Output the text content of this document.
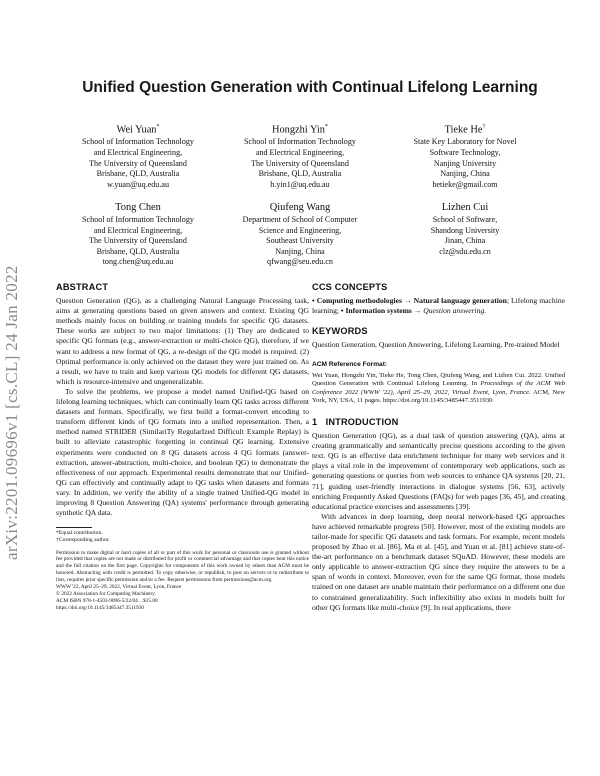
arXiv:2201.09696v1 [cs.CL] 24 Jan 2022
Unified Question Generation with Continual Lifelong Learning
Wei Yuan*
School of Information Technology
and Electrical Engineering,
The University of Queensland
Brisbane, QLD, Australia
w.yuan@uq.edu.au
Hongzhi Yin*
School of Information Technology
and Electrical Engineering,
The University of Queensland
Brisbane, QLD, Australia
h.yin1@uq.edu.au
Tieke He†
State Key Laboratory for Novel
Software Technology,
Nanjing University
Nanjing, China
hetieke@gmail.com
Tong Chen
School of Information Technology
and Electrical Engineering,
The University of Queensland
Brisbane, QLD, Australia
tong.chen@uq.edu.au
Qiufeng Wang
Department of School of Computer
Science and Engineering,
Southeast University
Nanjing, China
qfwang@seu.edu.cn
Lizhen Cui
School of Software,
Shandong University
Jinan, China
clz@sdu.edu.cn
ABSTRACT

Question Generation (QG), as a challenging Natural Language Processing task, aims at generating questions based on given answers and context. Existing QG methods mainly focus on building or training models for specific QG datasets. These works are subject to two major limitations: (1) They are dedicated to specific QG formats (e.g., answer-extraction or multi-choice QG), therefore, if we want to address a new format of QG, a re-design of the QG model is required. (2) Optimal performance is only achieved on the dataset they were just trained on. As a result, we have to train and keep various QG models for different QG datasets, which is resource-intensive and ungeneralizable.

To solve the problems, we propose a model named Unified-QG based on lifelong learning techniques, which can continually learn QG tasks across different datasets and formats. Specifically, we first build a format-convert encoding to transform different kinds of QG formats into a unified representation. Then, a method named STRIDER (SimilariTy RegularIzed Difficult Example Replay) is built to alleviate catastrophic forgetting in continual QG learning. Extensive experiments were conducted on 8 QG datasets across 4 QG formats (answer-extraction, answer-abstraction, multi-choice, and boolean QG) to demonstrate the effectiveness of our approach. Experimental results demonstrate that our Unified-QG can effectively and continually adapt to QG tasks when datasets and formats vary. In addition, we verify the ability of a single trained Unified-QG model in improving 8 Question Answering (QA) systems' performance through generating synthetic QA data.

*Equal contribution.

†Corresponding author.

Permission to make digital or hard copies of all or part of this work for personal or classroom use is granted without fee provided that copies are not made or distributed for profit or commercial advantage and that copies bear this notice and the full citation on the first page. Copyrights for components of this work owned by others than ACM must be honored. Abstracting with credit is permitted. To copy otherwise, or republish, to post on servers or to redistribute to lists, requires prior specific permission and/or a fee. Request permissions from permissions@acm.org.

WWW '22, April 25–29, 2022, Virtual Event, Lyon, France

© 2022 Association for Computing Machinery.

ACM ISBN 978-1-4503-9096-5/22/04…$15.00

https://doi.org/10.1145/3485447.3511930

CCS CONCEPTS

• Computing methodologies → Natural language generation; Lifelong machine learning; • Information systems → Question answering.

KEYWORDS

Question Generation, Question Answering, Lifelong Learning, Pre-trained Model

ACM Reference Format:

Wei Yuan, Hongzhi Yin, Tieke He, Tong Chen, Qiufeng Wang, and Lizhen Cui. 2022. Unified Question Generation with Continual Lifelong Learning. In Proceedings of the ACM Web Conference 2022 (WWW '22), April 25–29, 2022, Virtual Event, Lyon, France. ACM, New York, NY, USA, 11 pages. https://doi.org/10.1145/3485447.3511930

1   INTRODUCTION

Question Generation (QG), as a dual task of question answering (QA), aims at creating grammatically and semantically precise questions according to the given text. QG is an effective data enrichment technique for many web services and it plays a vital role in the improvement of contemporary web applications, such as generating questions or queries from web sources to enhance QA systems [20, 21, 71], guiding user-friendly interactions in dialogue systems [56, 63], actively enriching Frequently Asked Questions (FAQs) for web pages [36, 45], and creating educational practice exercises and assessments [39].

With advances in deep learning, deep neural network-based QG approaches have achieved remarkable progress [50]. However, most of the existing models are tailor-made for specific QG datasets and task formats. For example, recent models proposed by Zhao et al. [86], Ma et al. [45], and Yuan et al. [81] achieve state-of-the-art performance on a benchmark dataset SQuAD. However, these models are only applicable to answer-extraction QG since they require the answers to be a span of words in context. Moreover, even for the same QG format, those models trained on one dataset are unable maintain their performance on a different one due to constrained generalizability. Such inflexibility also exists in models built for other QG formats like multi-choice [9]. In real applications, there
